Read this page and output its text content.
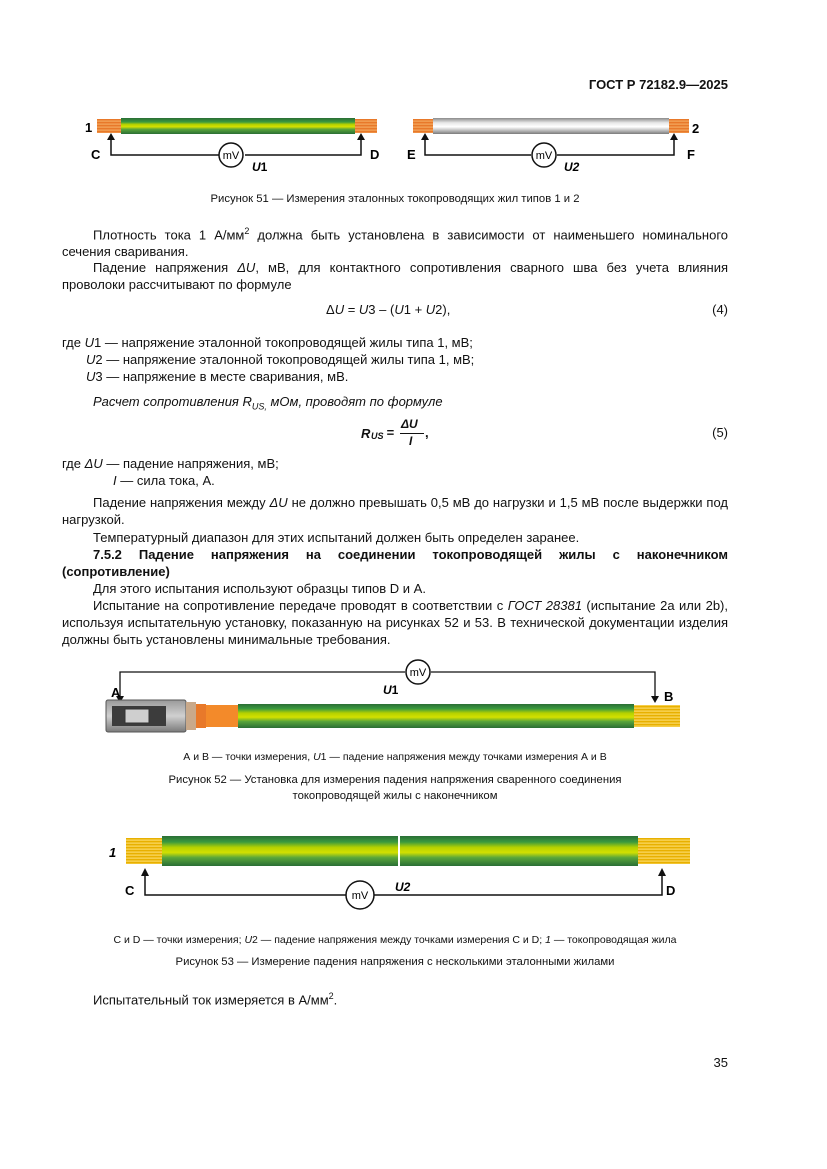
ГОСТ Р 72182.9—2025
mV
1
C	D
U1
mV
2
E	F
U2
Рисунок 51 — Измерения эталонных токопроводящих жил типов 1 и 2
Плотность тока 1 $А/мм^2$ должна быть установлена в зависимости от наименьшего номинального сечения сваривания.
Падение напряжения ΔU, мВ, для контактного сопротивления сварного шва без учета влияния проволоки рассчитывают по формуле
ΔU = U3 – (U1 + U2),	(4)
где U1 — напряжение эталонной токопроводящей жилы типа 1, мВ;
U2 — напряжение эталонной токопроводящей жилы типа 1, мВ;
U3 — напряжение в месте сваривания, мВ.
Расчет сопротивления $R_{US,}$ мОм, проводят по формуле
R US =
ΔU
I
,	(5)
где ΔU — падение напряжения, мВ;
I — сила тока, А.
Падение напряжения между ΔU не должно превышать 0,5 мВ до нагрузки и 1,5 мВ после выдержки под нагрузкой.
Температурный диапазон для этих испытаний должен быть определен заранее.
7.5.2 Падение напряжения на соединении токопроводящей жилы с наконечником (сопротивление)
Для этого испытания используют образцы типов D и A.
Испытание на сопротивление передаче проводят в соответствии с ГОСТ 28381 (испытание 2а или 2b), используя испытательную установку, показанную на рисунках 52 и 53. В технической документации изделия должны быть установлены минимальные требования.
mV
A	B
U1
А и В — точки измерения, U1 — падение напряжения между точками измерения А и В
Рисунок 52 — Установка для измерения падения напряжения сваренного соединения
токопроводящей жилы с наконечником
mV
1
C	D
U2
С и D — точки измерения; U2 — падение напряжения между точками измерения С и D; 1 — токопроводящая жила
Рисунок 53 — Измерение падения напряжения с несколькими эталонными жилами
Испытательный ток измеряется в $А/мм^2$.
35
